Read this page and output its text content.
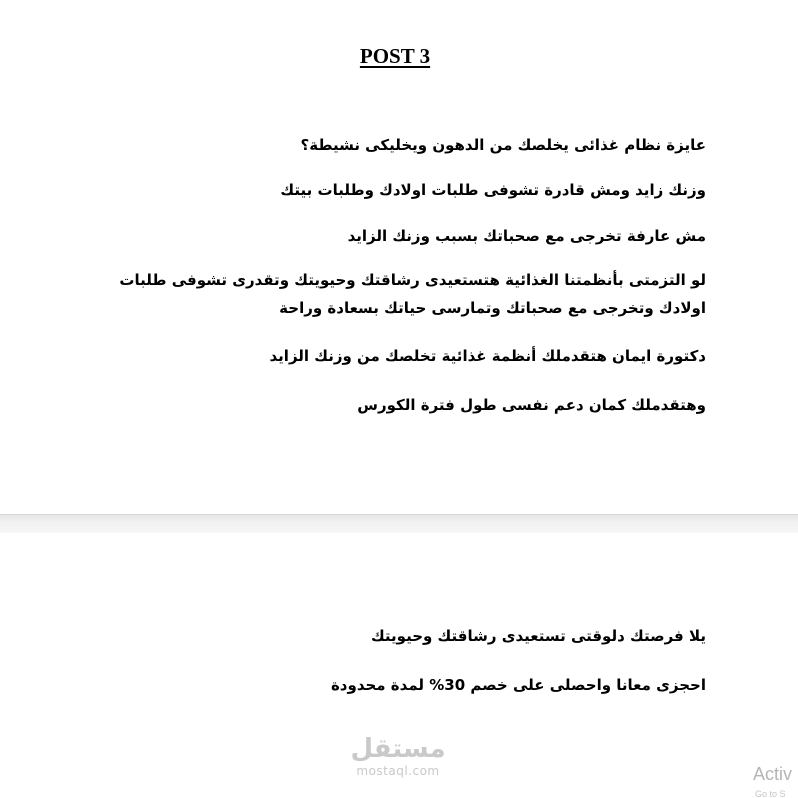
POST 3

عايزة نظام غذائى يخلصك من الدهون ويخليكى نشيطة؟

وزنك زايد ومش قادرة تشوفى طلبات اولادك وطلبات بيتك

مش عارفة تخرجى مع صحباتك بسبب وزنك الزايد

لو التزمتى بأنظمتنا الغذائية هتستعيدى رشاقتك وحيويتك وتقدرى تشوفى طلبات اولادك وتخرجى مع صحباتك وتمارسى حياتك بسعادة وراحة

دكتورة ايمان هتقدملك أنظمة غذائية تخلصك من وزنك الزايد

وهتقدملك كمان دعم نفسى طول فترة الكورس

يلا فرصتك دلوقتى تستعيدى رشاقتك وحيويتك

احجزى معانا واحصلى على خصم 30% لمدة محدودة

مستقل
mostaql.com	Activ
Go to S
